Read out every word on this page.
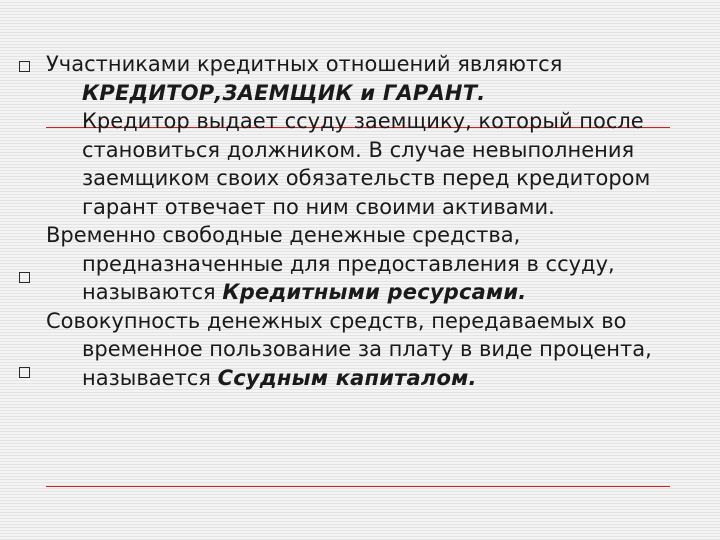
Участниками кредитных отношений являются КРЕДИТОР,ЗАЕМЩИК и ГАРАНТ.

Кредитор выдает ссуду заемщику, который после становиться должником. В случае невыполнения заемщиком своих обязательств перед кредитором гарант отвечает по ним своими активами.

Временно свободные денежные средства, предназначенные для предоставления в ссуду, называются Кредитными ресурсами.

Совокупность денежных средств, передаваемых во временное пользование за плату в виде процента, называется Ссудным капиталом.
